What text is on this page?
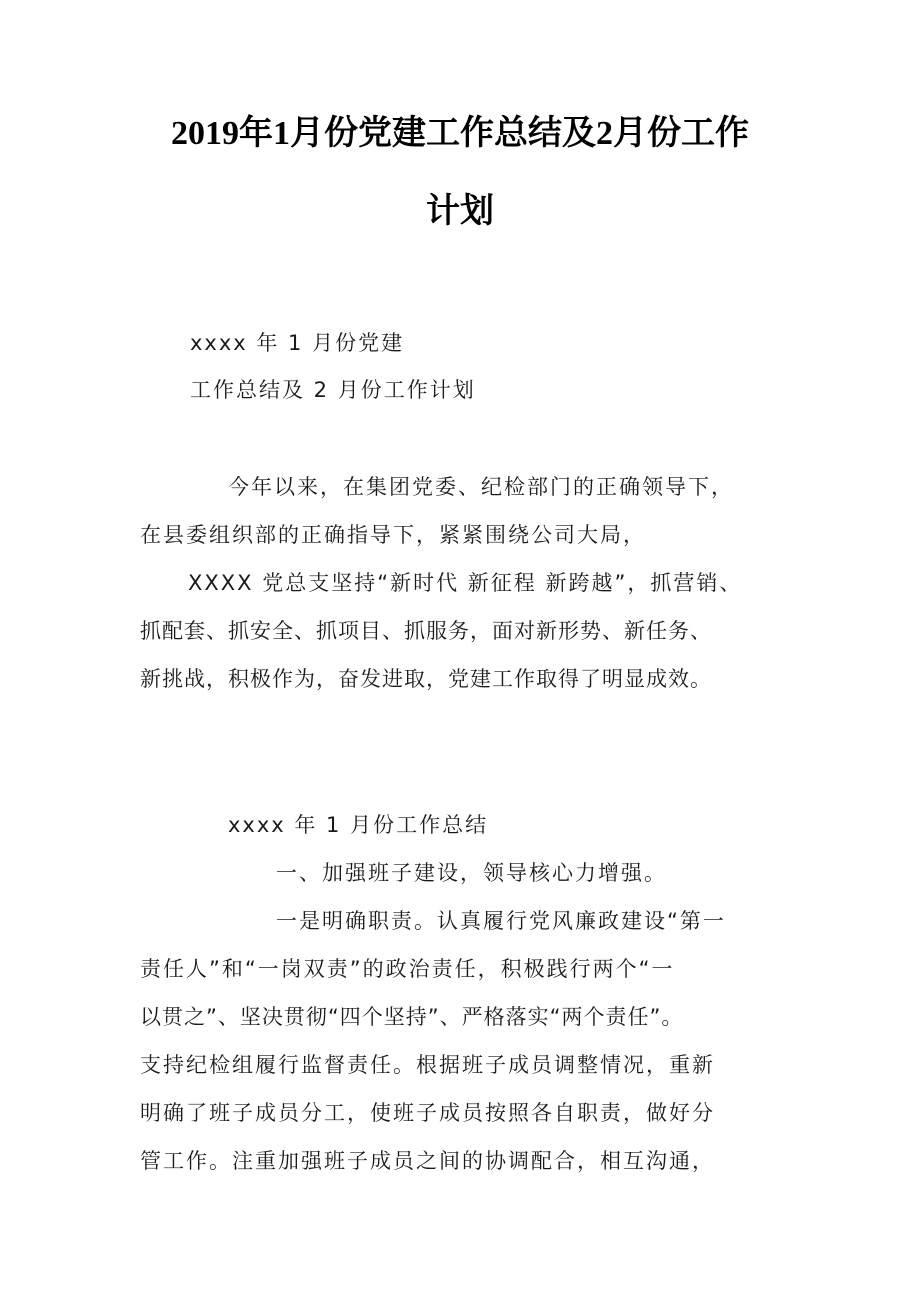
2019年1月份党建工作总结及2月份工作
计划
xxxx 年 1 月份党建
工作总结及 2 月份工作计划
今年以来，在集团党委、纪检部门的正确领导下，
在县委组织部的正确指导下，紧紧围绕公司大局，
XXXX 党总支坚持“新时代 新征程 新跨越”，抓营销、
抓配套、抓安全、抓项目、抓服务，面对新形势、新任务、
新挑战，积极作为，奋发进取，党建工作取得了明显成效。
xxxx 年 1 月份工作总结
一、加强班子建设，领导核心力增强。
一是明确职责。认真履行党风廉政建设“第一
责任人”和“一岗双责”的政治责任，积极践行两个“一
以贯之”、坚决贯彻“四个坚持”、严格落实“两个责任”。
支持纪检组履行监督责任。根据班子成员调整情况，重新
明确了班子成员分工，使班子成员按照各自职责，做好分
管工作。注重加强班子成员之间的协调配合，相互沟通，
